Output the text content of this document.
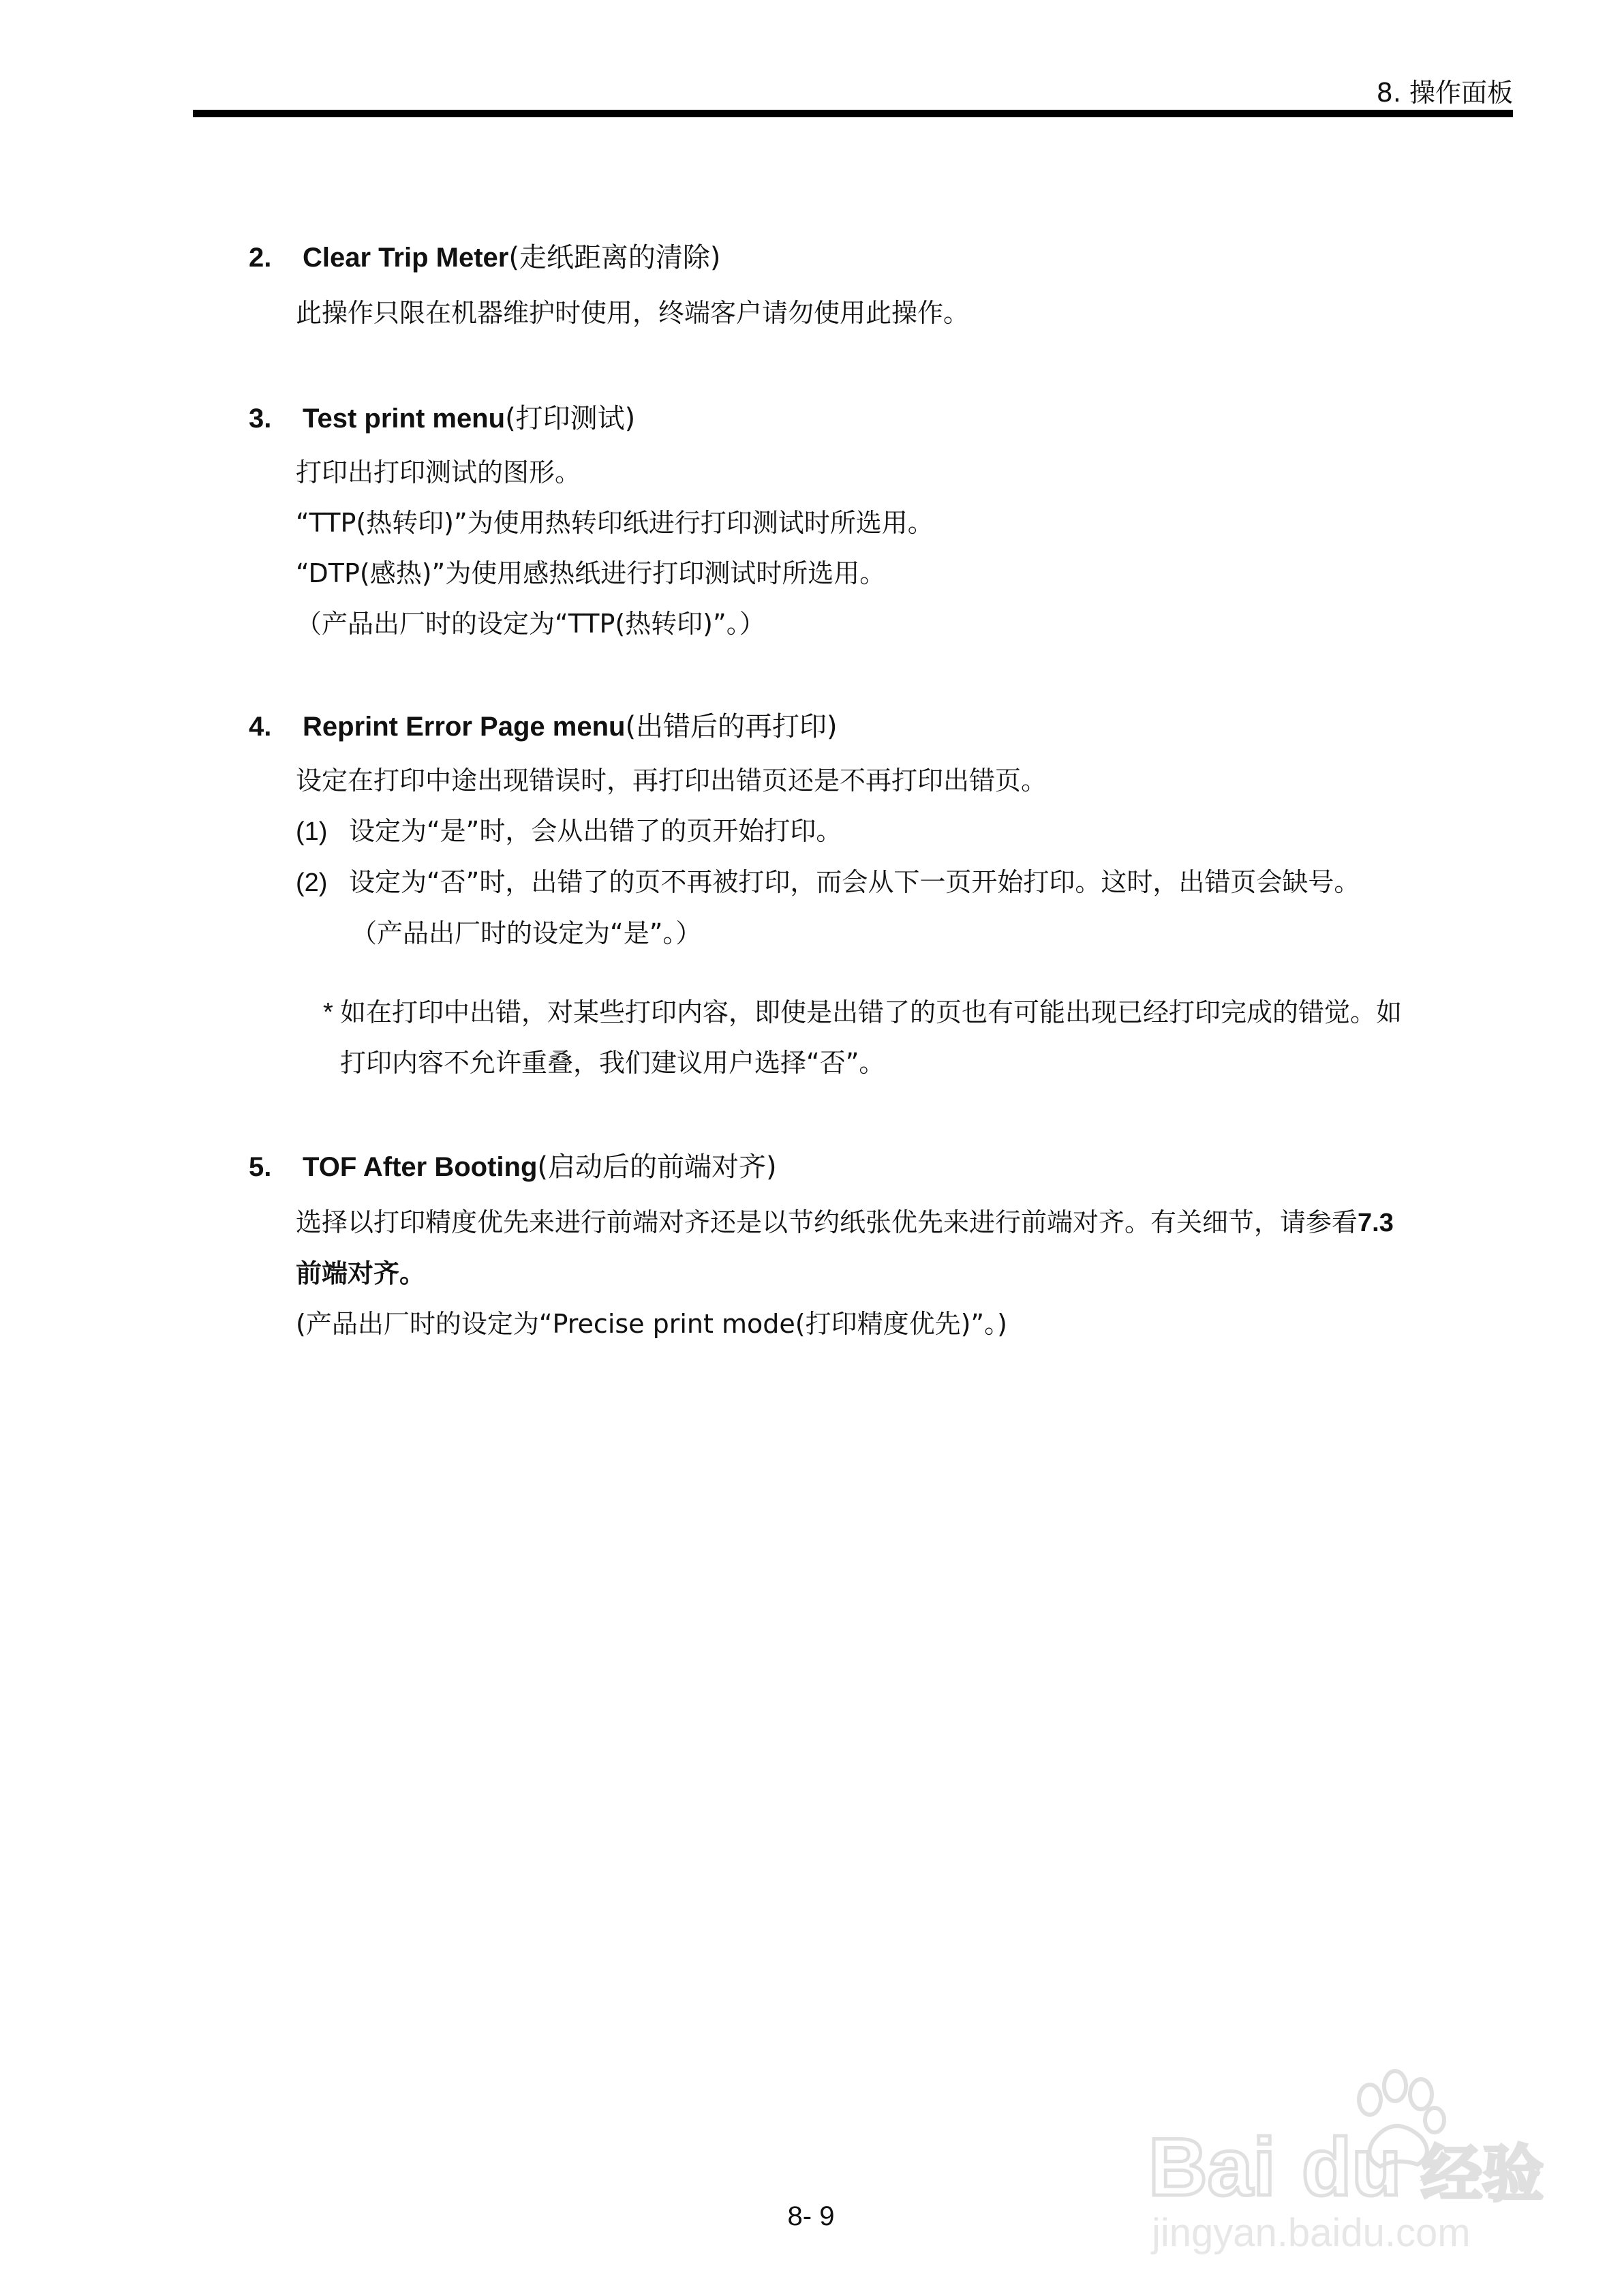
8. 操作面板
2. Clear Trip Meter(走纸距离的清除)
此操作只限在机器维护时使用，终端客户请勿使用此操作。
3. Test print menu(打印测试)
打印出打印测试的图形。
“TTP(热转印)”为使用热转印纸进行打印测试时所选用。
“DTP(感热)”为使用感热纸进行打印测试时所选用。
（产品出厂时的设定为“TTP(热转印)”。）
4. Reprint Error Page menu(出错后的再打印)
设定在打印中途出现错误时，再打印出错页还是不再打印出错页。
(1) 设定为“是”时，会从出错了的页开始打印。
(2) 设定为“否”时，出错了的页不再被打印，而会从下一页开始打印。这时，出错页会缺号。
（产品出厂时的设定为“是”。）
* 如在打印中出错，对某些打印内容，即使是出错了的页也有可能出现已经打印完成的错觉。如
打印内容不允许重叠，我们建议用户选择“否”。
5. TOF After Booting(启动后的前端对齐)
选择以打印精度优先来进行前端对齐还是以节约纸张优先来进行前端对齐。有关细节，请参看7.3
前端对齐。
(产品出厂时的设定为“Precise print mode(打印精度优先)”。)
8- 9
Bai du 经验
jingyan.baidu.com
